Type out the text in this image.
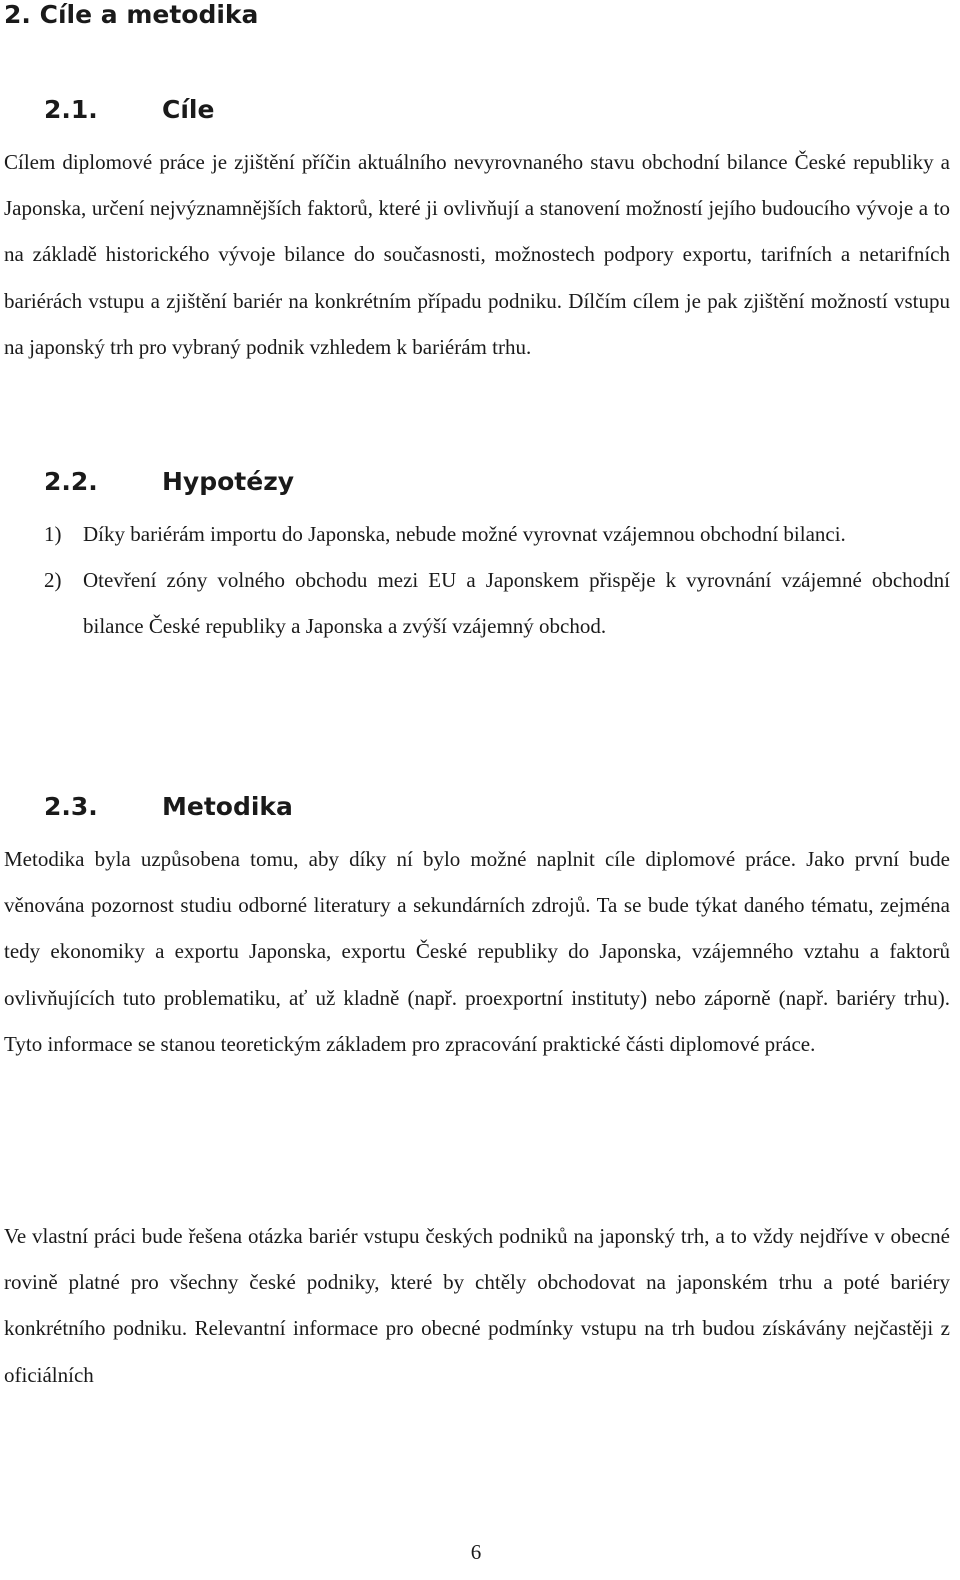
2. Cíle a metodika
2.1.	Cíle

Cílem diplomové práce je zjištění příčin aktuálního nevyrovnaného stavu obchodní bilance České republiky a Japonska, určení nejvýznamnějších faktorů, které ji ovlivňují a stanovení možností jejího budoucího vývoje a to na základě historického vývoje bilance do současnosti, možnostech podpory exportu, tarifních a netarifních bariérách vstupu a zjištění bariér na konkrétním případu podniku. Dílčím cílem je pak zjištění možností vstupu na japonský trh pro vybraný podnik vzhledem k bariérám trhu.

2.2.	Hypotézy
1) Díky bariérám importu do Japonska, nebude možné vyrovnat vzájemnou obchodní bilanci.
2) Otevření zóny volného obchodu mezi EU a Japonskem přispěje k vyrovnání vzájemné obchodní bilance České republiky a Japonska a zvýší vzájemný obchod.
2.3.	Metodika

Metodika byla uzpůsobena tomu, aby díky ní bylo možné naplnit cíle diplomové práce. Jako první bude věnována pozornost studiu odborné literatury a sekundárních zdrojů. Ta se bude týkat daného tématu, zejména tedy ekonomiky a exportu Japonska, exportu České republiky do Japonska, vzájemného vztahu a faktorů ovlivňujících tuto problematiku, ať už kladně (např. proexportní instituty) nebo záporně (např. bariéry trhu). Tyto informace se stanou teoretickým základem pro zpracování praktické části diplomové práce.

Ve vlastní práci bude řešena otázka bariér vstupu českých podniků na japonský trh, a to vždy nejdříve v obecné rovině platné pro všechny české podniky, které by chtěly obchodovat na japonském trhu a poté bariéry konkrétního podniku. Relevantní informace pro obecné podmínky vstupu na trh budou získávány nejčastěji z oficiálních

6
